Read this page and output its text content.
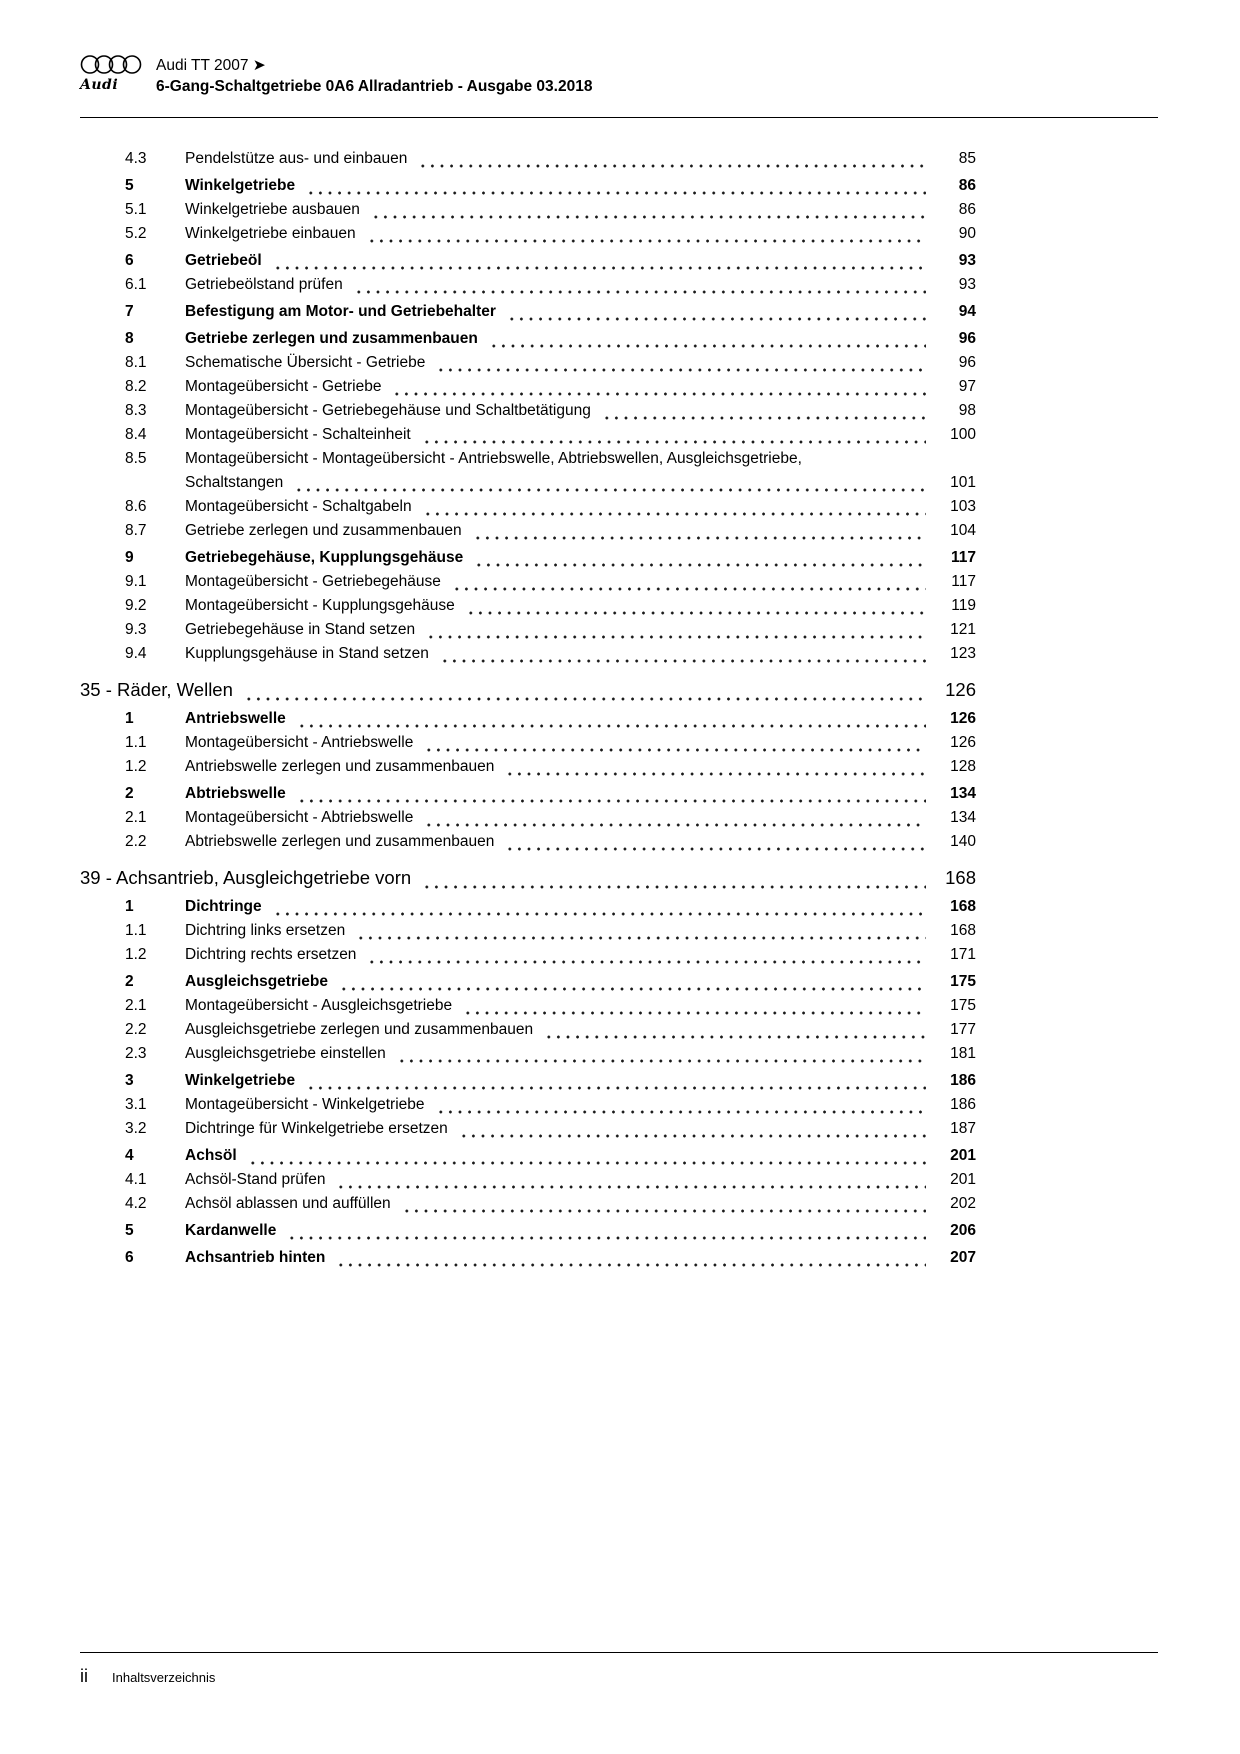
Audi
Audi TT 2007 ➤
6-Gang-Schaltgetriebe 0A6 Allradantrieb - Ausgabe 03.2018
4.3	Pendelstütze aus- und einbauen	85
5	Winkelgetriebe	86
5.1	Winkelgetriebe ausbauen	86
5.2	Winkelgetriebe einbauen	90
6	Getriebeöl	93
6.1	Getriebeölstand prüfen	93
7	Befestigung am Motor- und Getriebehalter	94
8	Getriebe zerlegen und zusammenbauen	96
8.1	Schematische Übersicht - Getriebe	96
8.2	Montageübersicht - Getriebe	97
8.3	Montageübersicht - Getriebegehäuse und Schaltbetätigung	98
8.4	Montageübersicht - Schalteinheit	100
8.5	Montageübersicht - Montageübersicht - Antriebswelle, Abtriebswellen, Ausgleichsgetriebe,
Schaltstangen	101
8.6	Montageübersicht - Schaltgabeln	103
8.7	Getriebe zerlegen und zusammenbauen	104
9	Getriebegehäuse, Kupplungsgehäuse	117
9.1	Montageübersicht - Getriebegehäuse	117
9.2	Montageübersicht - Kupplungsgehäuse	119
9.3	Getriebegehäuse in Stand setzen	121
9.4	Kupplungsgehäuse in Stand setzen	123
35 - Räder, Wellen	126
1	Antriebswelle	126
1.1	Montageübersicht - Antriebswelle	126
1.2	Antriebswelle zerlegen und zusammenbauen	128
2	Abtriebswelle	134
2.1	Montageübersicht - Abtriebswelle	134
2.2	Abtriebswelle zerlegen und zusammenbauen	140
39 - Achsantrieb, Ausgleichgetriebe vorn	168
1	Dichtringe	168
1.1	Dichtring links ersetzen	168
1.2	Dichtring rechts ersetzen	171
2	Ausgleichsgetriebe	175
2.1	Montageübersicht - Ausgleichsgetriebe	175
2.2	Ausgleichsgetriebe zerlegen und zusammenbauen	177
2.3	Ausgleichsgetriebe einstellen	181
3	Winkelgetriebe	186
3.1	Montageübersicht - Winkelgetriebe	186
3.2	Dichtringe für Winkelgetriebe ersetzen	187
4	Achsöl	201
4.1	Achsöl-Stand prüfen	201
4.2	Achsöl ablassen und auffüllen	202
5	Kardanwelle	206
6	Achsantrieb hinten	207
ii Inhaltsverzeichnis
